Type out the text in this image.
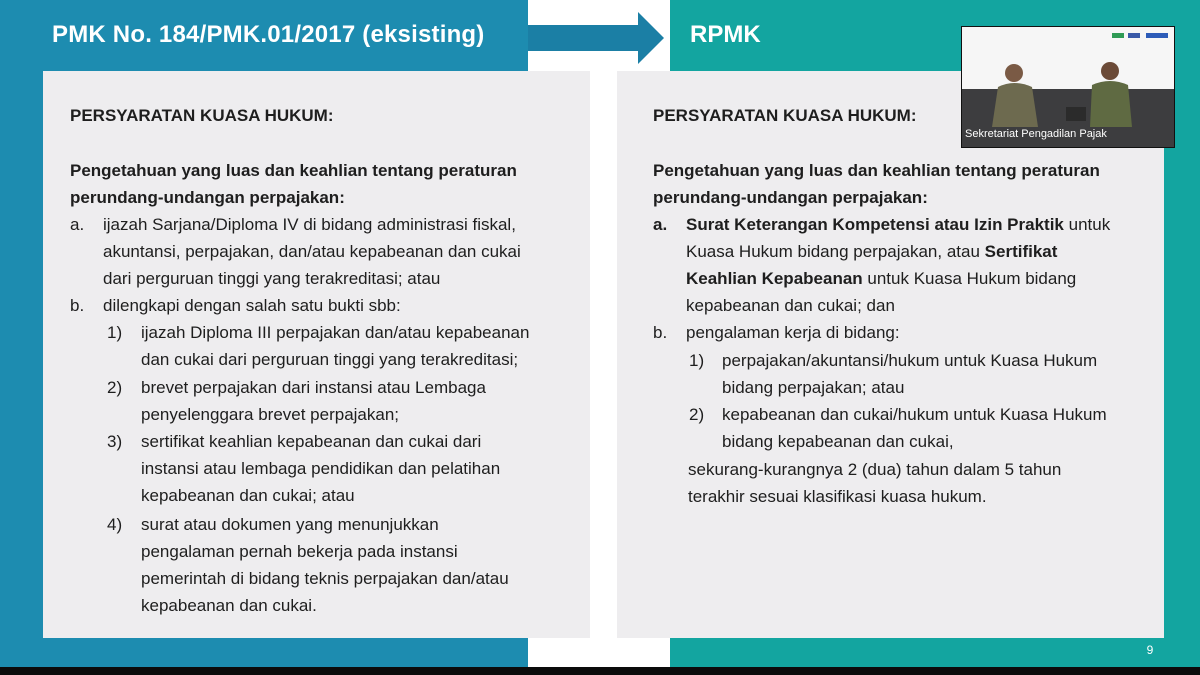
PMK No. 184/PMK.01/2017 (eksisting)	RPMK
PERSYARATAN KUASA HUKUM:
Pengetahuan yang luas dan keahlian tentang peraturan
perundang-undangan perpajakan:
a. ijazah Sarjana/Diploma IV di bidang administrasi fiskal,
akuntansi, perpajakan, dan/atau kepabeanan dan cukai
dari perguruan tinggi yang terakreditasi; atau
b. dilengkapi dengan salah satu bukti sbb:
1) ijazah Diploma III perpajakan dan/atau kepabeanan
dan cukai dari perguruan tinggi yang terakreditasi;
2) brevet perpajakan dari instansi atau Lembaga
penyelenggara brevet perpajakan;
3) sertifikat keahlian kepabeanan dan cukai dari
instansi atau lembaga pendidikan dan pelatihan
kepabeanan dan cukai; atau
4) surat atau dokumen yang menunjukkan
pengalaman pernah bekerja pada instansi
pemerintah di bidang teknis perpajakan dan/atau
kepabeanan dan cukai.
PERSYARATAN KUASA HUKUM:
Pengetahuan yang luas dan keahlian tentang peraturan
perundang-undangan perpajakan:
a. Surat Keterangan Kompetensi atau Izin Praktik untuk
Kuasa Hukum bidang perpajakan, atau Sertifikat
Keahlian Kepabeanan untuk Kuasa Hukum bidang
kepabeanan dan cukai; dan
b. pengalaman kerja di bidang:
1) perpajakan/akuntansi/hukum untuk Kuasa Hukum
bidang perpajakan; atau
2) kepabeanan dan cukai/hukum untuk Kuasa Hukum
bidang kepabeanan dan cukai,
sekurang-kurangnya 2 (dua) tahun dalam 5 tahun
terakhir sesuai klasifikasi kuasa hukum.
Sekretariat Pengadilan Pajak
9
